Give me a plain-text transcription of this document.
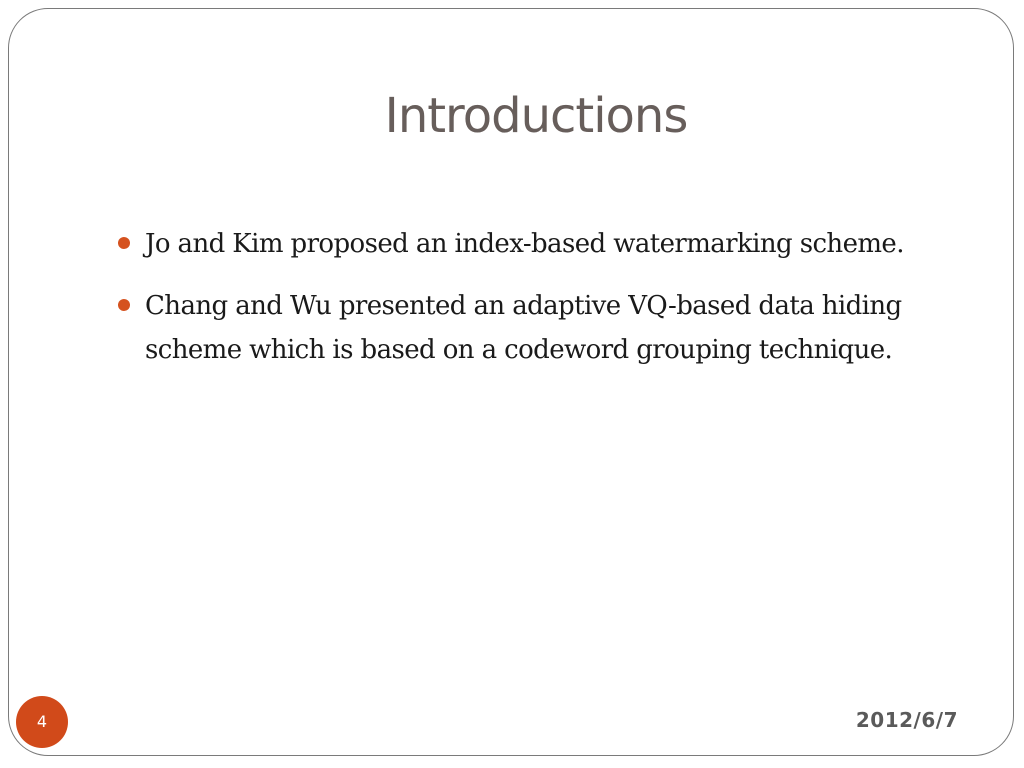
Introductions
Jo and Kim proposed an index-based watermarking scheme.
Chang and Wu presented an adaptive VQ-based data hiding scheme which is based on a codeword grouping technique.
4	2012/6/7
